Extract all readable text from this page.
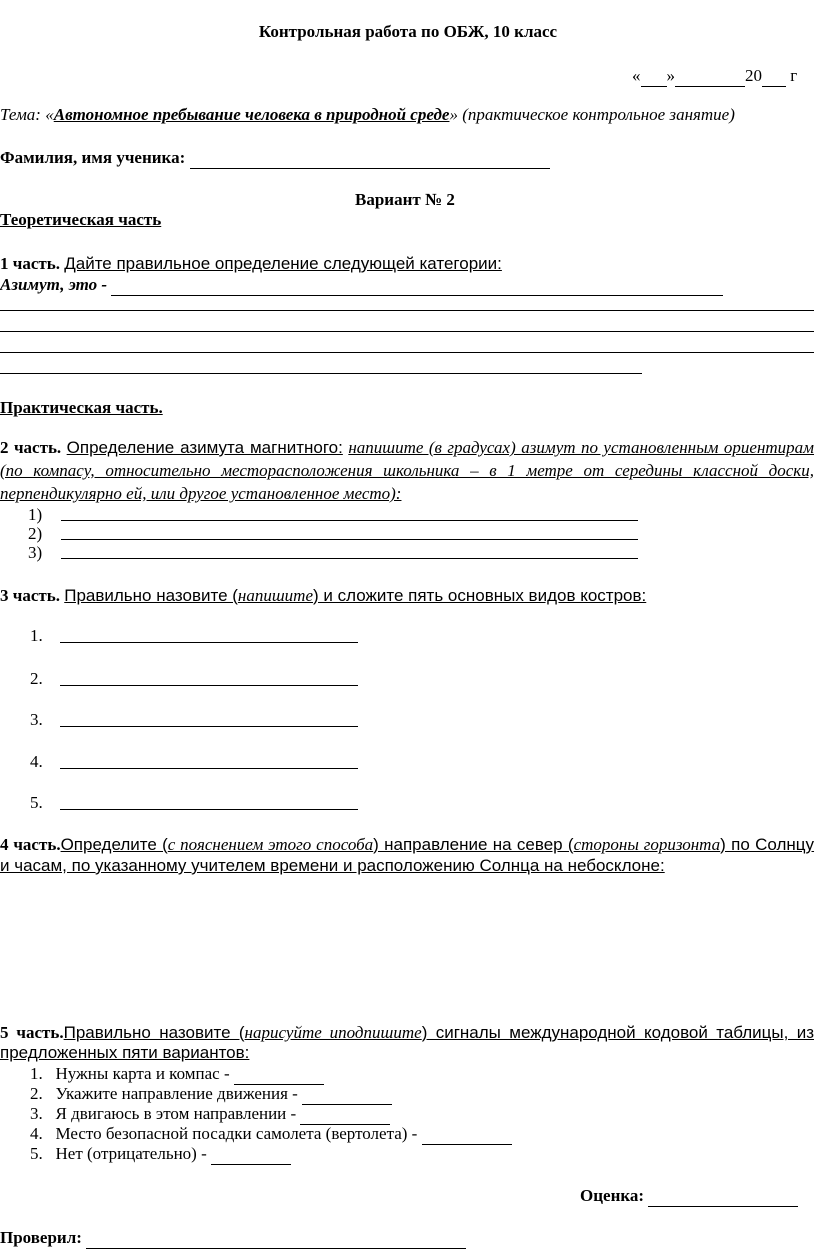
Контрольная работа по ОБЖ, 10 класс
« »	20 г
Тема: «Автономное пребывание человека в природной среде» (практическое контрольное занятие)
Фамилия, имя ученика:
Вариант № 2
Теоретическая часть
1 часть. Дайте правильное определение следующей категории:
Азимут, это -
Практическая часть.
2 часть. Определение азимута магнитного: напишите (в градусах) азимут по установленным ориентирам
(по компасу, относительно месторасположения школьника – в 1 метре от середины классной доски,
перпендикулярно ей, или другое установленное место):
1)
2)
3)
3 часть. Правильно назовите (напишите) и сложите пять основных видов костров:
1.
2.
3.
4.
5.
4 часть.Определите (с пояснением этого способа) направление на север (стороны горизонта) по Солнцу
и часам, по указанному учителем времени и расположению Солнца на небосклоне:
5 часть.Правильно назовите (нарисуйте иподпишите) сигналы международной кодовой таблицы, из
предложенных пяти вариантов:
1. Нужны карта и компас -
2. Укажите направление движения -
3. Я двигаюсь в этом направлении -
4. Место безопасной посадки самолета (вертолета) -
5. Нет (отрицательно) -
Оценка:
Проверил:
